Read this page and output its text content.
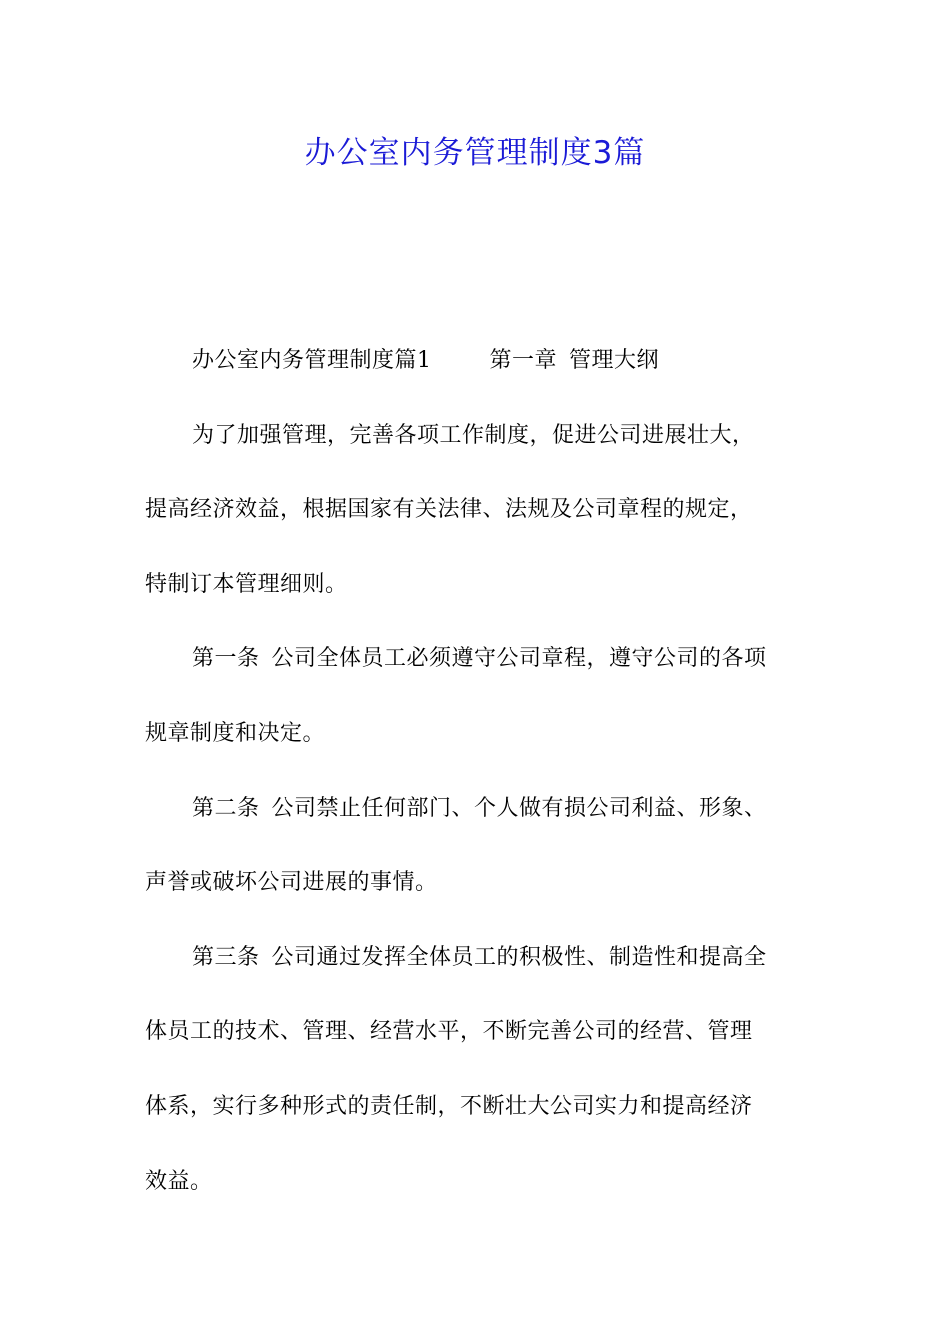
办公室内务管理制度3篇

办公室内务管理制度篇1	第一章 管理大纲

为了加强管理，完善各项工作制度，促进公司进展壮大，

提高经济效益，根据国家有关法律、法规及公司章程的规定，

特制订本管理细则。

第一条 公司全体员工必须遵守公司章程，遵守公司的各项

规章制度和决定。

第二条 公司禁止任何部门、个人做有损公司利益、形象、

声誉或破坏公司进展的事情。

第三条 公司通过发挥全体员工的积极性、制造性和提高全

体员工的技术、管理、经营水平，不断完善公司的经营、管理

体系，实行多种形式的责任制，不断壮大公司实力和提高经济

效益。
